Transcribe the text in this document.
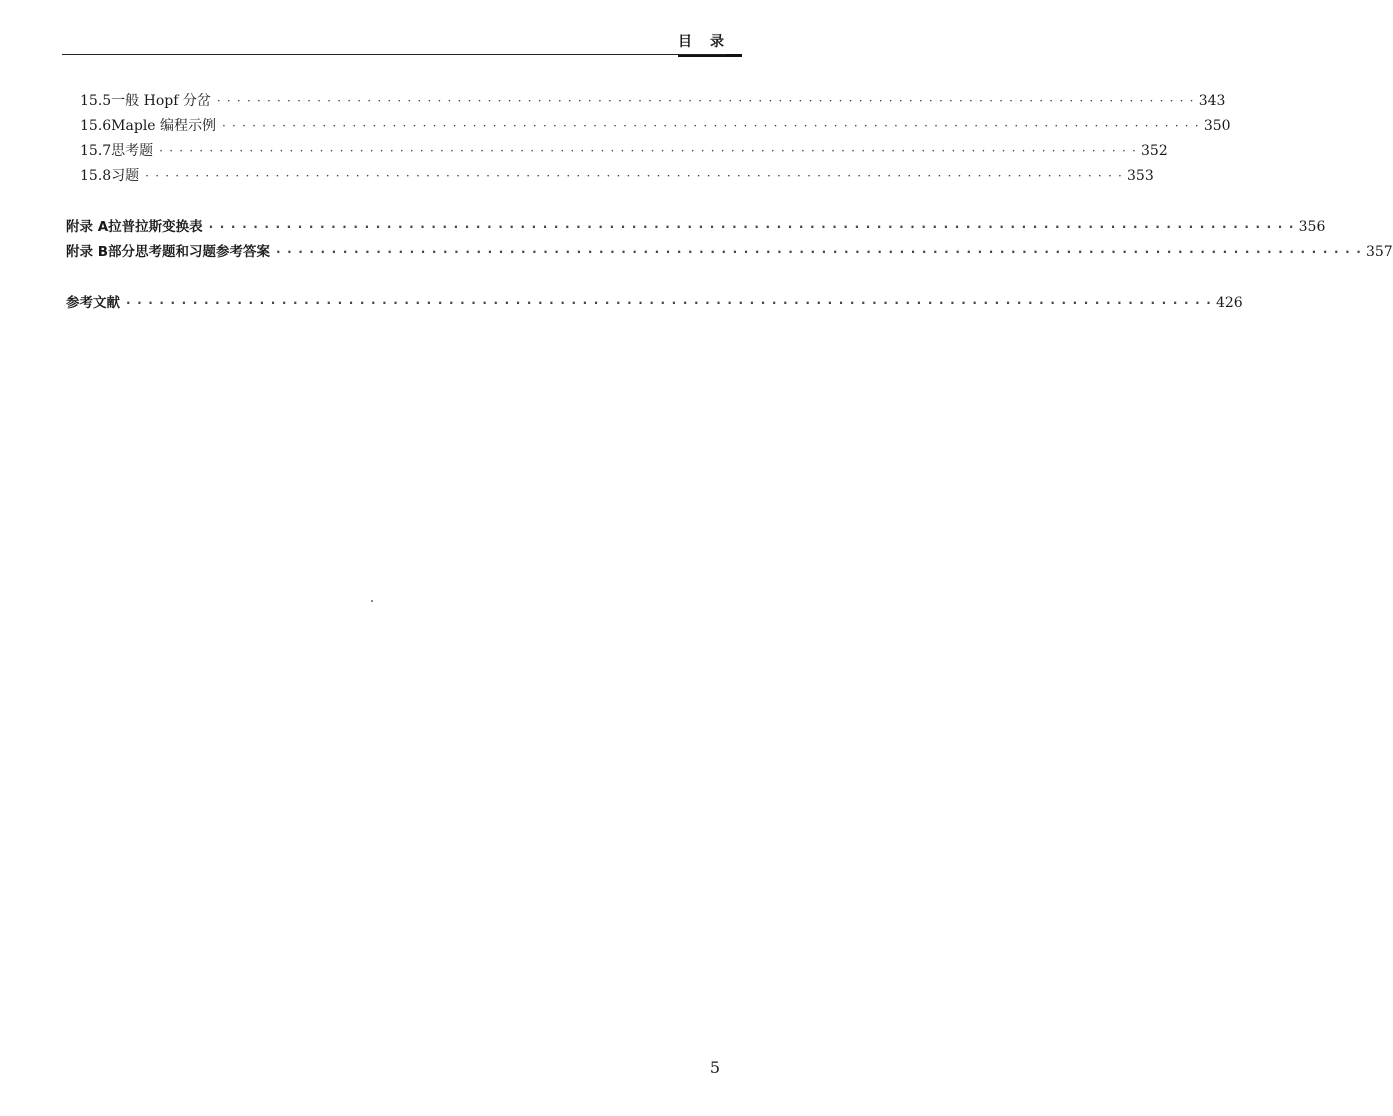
目录
15.5 一般 Hopf 分岔 · · · · · · · · · · · · · · · · · · · · · · · · · · · · · · · · · · · · · · · · · · · · · · · · · · · · · · · · · · · · · · · · · · · · · · · · · · · · · · · · · · · · · · · · · · · · · · · · · · 343
15.6 Maple 编程示例 · · · · · · · · · · · · · · · · · · · · · · · · · · · · · · · · · · · · · · · · · · · · · · · · · · · · · · · · · · · · · · · · · · · · · · · · · · · · · · · · · · · · · · · · · · · · · · · · · · 350
15.7 思考题 · · · · · · · · · · · · · · · · · · · · · · · · · · · · · · · · · · · · · · · · · · · · · · · · · · · · · · · · · · · · · · · · · · · · · · · · · · · · · · · · · · · · · · · · · · · · · · · · · · 352
15.8 习题 · · · · · · · · · · · · · · · · · · · · · · · · · · · · · · · · · · · · · · · · · · · · · · · · · · · · · · · · · · · · · · · · · · · · · · · · · · · · · · · · · · · · · · · · · · · · · · · · · · 353
附录 A 拉普拉斯变换表 · · · · · · · · · · · · · · · · · · · · · · · · · · · · · · · · · · · · · · · · · · · · · · · · · · · · · · · · · · · · · · · · · · · · · · · · · · · · · · · · · · · · · · · · · · · · · · · · · · 356
附录 B 部分思考题和习题参考答案 · · · · · · · · · · · · · · · · · · · · · · · · · · · · · · · · · · · · · · · · · · · · · · · · · · · · · · · · · · · · · · · · · · · · · · · · · · · · · · · · · · · · · · · · · · · · · · · · · · 357
参考文献 · · · · · · · · · · · · · · · · · · · · · · · · · · · · · · · · · · · · · · · · · · · · · · · · · · · · · · · · · · · · · · · · · · · · · · · · · · · · · · · · · · · · · · · · · · · · · · · · · · 426
5
